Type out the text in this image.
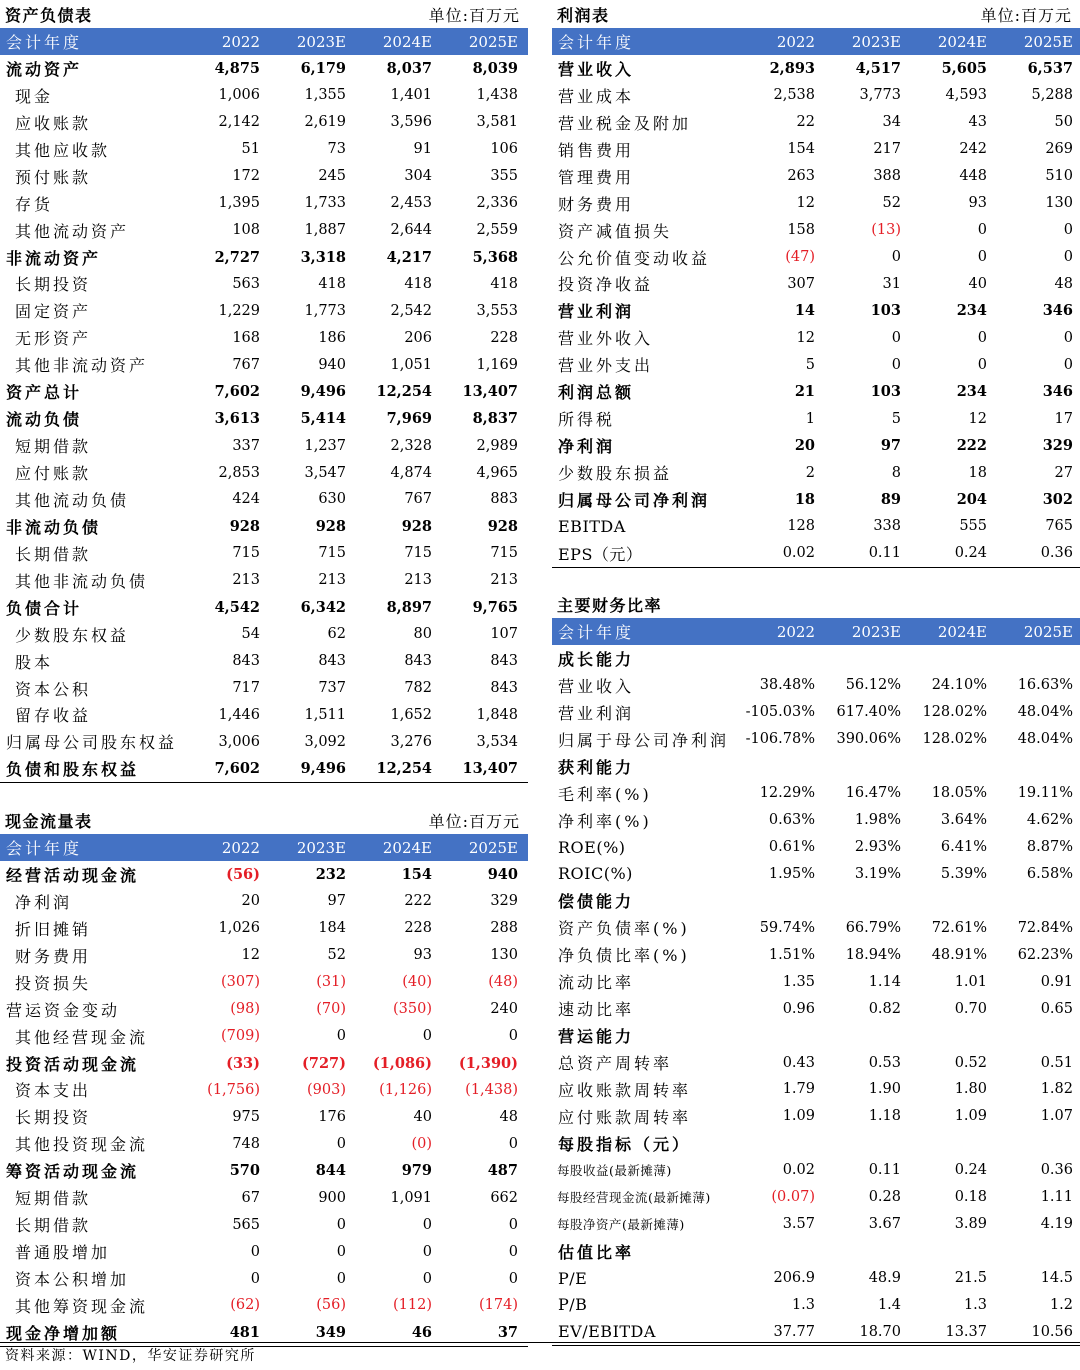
资产负债表	单位:百万元
会计年度	2022	2023E	2024E	2025E
流动资产	4,875	6,179	8,037	8,039
现金	1,006	1,355	1,401	1,438
应收账款	2,142	2,619	3,596	3,581
其他应收款	51	73	91	106
预付账款	172	245	304	355
存货	1,395	1,733	2,453	2,336
其他流动资产	108	1,887	2,644	2,559
非流动资产	2,727	3,318	4,217	5,368
长期投资	563	418	418	418
固定资产	1,229	1,773	2,542	3,553
无形资产	168	186	206	228
其他非流动资产	767	940	1,051	1,169
资产总计	7,602	9,496	12,254	13,407
流动负债	3,613	5,414	7,969	8,837
短期借款	337	1,237	2,328	2,989
应付账款	2,853	3,547	4,874	4,965
其他流动负债	424	630	767	883
非流动负债	928	928	928	928
长期借款	715	715	715	715
其他非流动负债	213	213	213	213
负债合计	4,542	6,342	8,897	9,765
少数股东权益	54	62	80	107
股本	843	843	843	843
资本公积	717	737	782	843
留存收益	1,446	1,511	1,652	1,848
归属母公司股东权益	3,006	3,092	3,276	3,534
负债和股东权益	7,602	9,496	12,254	13,407
利润表	单位:百万元
会计年度	2022	2023E	2024E	2025E
营业收入	2,893	4,517	5,605	6,537
营业成本	2,538	3,773	4,593	5,288
营业税金及附加	22	34	43	50
销售费用	154	217	242	269
管理费用	263	388	448	510
财务费用	12	52	93	130
资产减值损失	158	(13)	0	0
公允价值变动收益	(47)	0	0	0
投资净收益	307	31	40	48
营业利润	14	103	234	346
营业外收入	12	0	0	0
营业外支出	5	0	0	0
利润总额	21	103	234	346
所得税	1	5	12	17
净利润	20	97	222	329
少数股东损益	2	8	18	27
归属母公司净利润	18	89	204	302
EBITDA	128	338	555	765
EPS（元）	0.02	0.11	0.24	0.36
主要财务比率
会计年度	2022	2023E	2024E	2025E
成长能力
营业收入	38.48%	56.12%	24.10%	16.63%
营业利润	-105.03%	617.40%	128.02%	48.04%
归属于母公司净利润	-106.78%	390.06%	128.02%	48.04%
获利能力
毛利率(%)	12.29%	16.47%	18.05%	19.11%
净利率(%)	0.63%	1.98%	3.64%	4.62%
ROE(%)	0.61%	2.93%	6.41%	8.87%
ROIC(%)	1.95%	3.19%	5.39%	6.58%
偿债能力
资产负债率(%)	59.74%	66.79%	72.61%	72.84%
净负债比率(%)	1.51%	18.94%	48.91%	62.23%
流动比率	1.35	1.14	1.01	0.91
速动比率	0.96	0.82	0.70	0.65
营运能力
总资产周转率	0.43	0.53	0.52	0.51
应收账款周转率	1.79	1.90	1.80	1.82
应付账款周转率	1.09	1.18	1.09	1.07
每股指标（元）
每股收益(最新摊薄)	0.02	0.11	0.24	0.36
每股经营现金流(最新摊薄)	(0.07)	0.28	0.18	1.11
每股净资产(最新摊薄)	3.57	3.67	3.89	4.19
估值比率
P/E	206.9	48.9	21.5	14.5
P/B	1.3	1.4	1.3	1.2
EV/EBITDA	37.77	18.70	13.37	10.56
现金流量表	单位:百万元
会计年度	2022	2023E	2024E	2025E
经营活动现金流	(56)	232	154	940
净利润	20	97	222	329
折旧摊销	1,026	184	228	288
财务费用	12	52	93	130
投资损失	(307)	(31)	(40)	(48)
营运资金变动	(98)	(70)	(350)	240
其他经营现金流	(709)	0	0	0
投资活动现金流	(33)	(727)	(1,086)	(1,390)
资本支出	(1,756)	(903)	(1,126)	(1,438)
长期投资	975	176	40	48
其他投资现金流	748	0	(0)	0
筹资活动现金流	570	844	979	487
短期借款	67	900	1,091	662
长期借款	565	0	0	0
普通股增加	0	0	0	0
资本公积增加	0	0	0	0
其他筹资现金流	(62)	(56)	(112)	(174)
现金净增加额	481	349	46	37
资料来源：WIND，华安证券研究所
